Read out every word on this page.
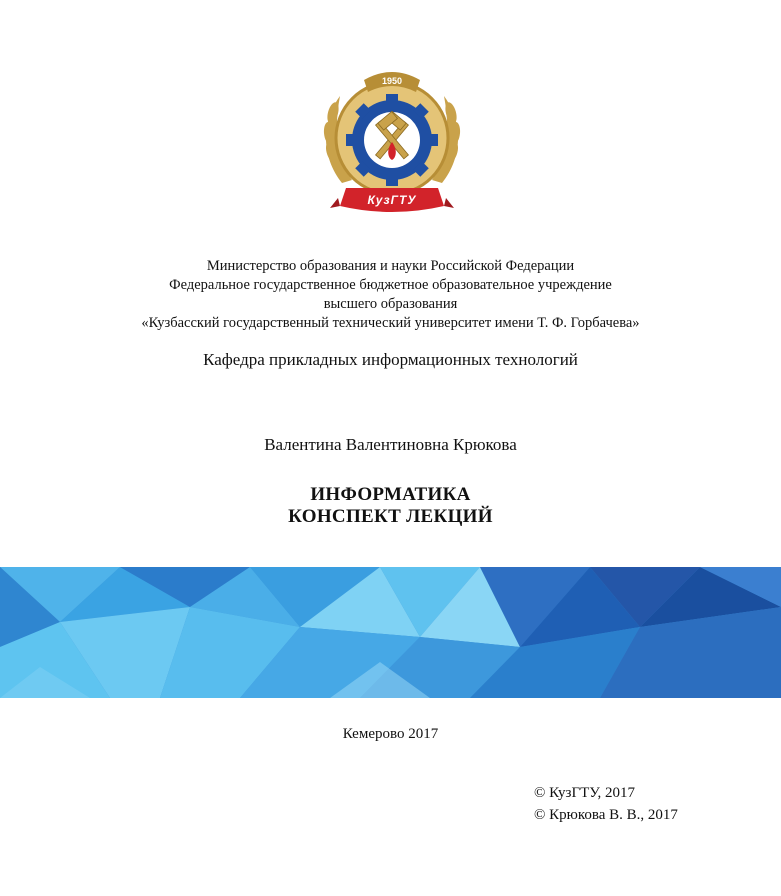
1950
КузГТУ
Министерство образования и науки Российской Федерации
Федеральное государственное бюджетное образовательное учреждение
высшего образования
«Кузбасский государственный технический университет имени Т. Ф. Горбачева»
Кафедра прикладных информационных технологий
Валентина Валентиновна Крюкова
ИНФОРМАТИКА
КОНСПЕКТ ЛЕКЦИЙ
Кемерово 2017
© КузГТУ, 2017
© Крюкова В. В., 2017
